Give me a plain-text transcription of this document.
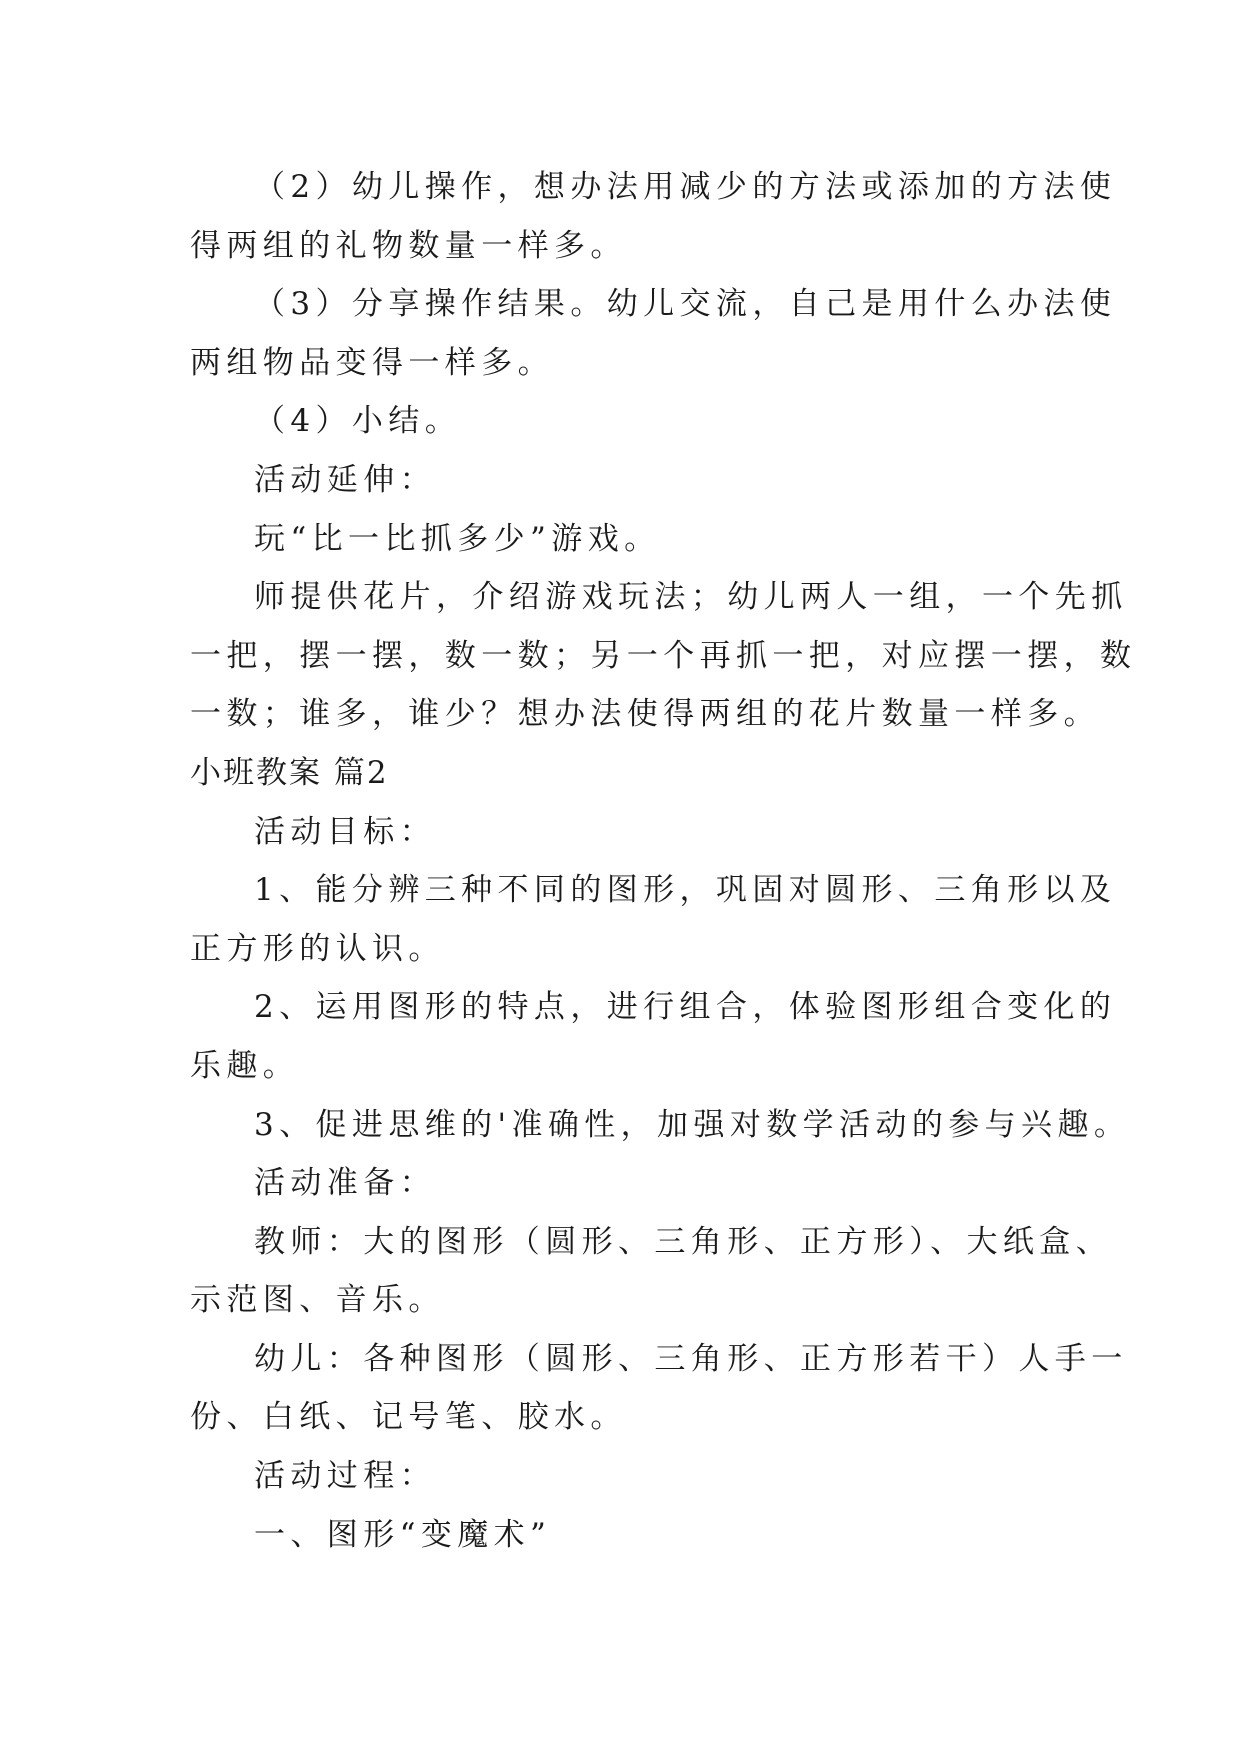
（2）幼儿操作，想办法用减少的方法或添加的方法使
得两组的礼物数量一样多。
（3）分享操作结果。幼儿交流，自己是用什么办法使
两组物品变得一样多。
（4）小结。
活动延伸：
玩“比一比抓多少”游戏。
师提供花片，介绍游戏玩法；幼儿两人一组，一个先抓
一把，摆一摆，数一数；另一个再抓一把，对应摆一摆，数
一数；谁多，谁少？想办法使得两组的花片数量一样多。
小班教案 篇2
活动目标：
1、能分辨三种不同的图形，巩固对圆形、三角形以及
正方形的认识。
2、运用图形的特点，进行组合，体验图形组合变化的
乐趣。
3、促进思维的'准确性，加强对数学活动的参与兴趣。
活动准备：
教师：大的图形（圆形、三角形、正方形）、大纸盒、
示范图、音乐。
幼儿：各种图形（圆形、三角形、正方形若干）人手一
份、白纸、记号笔、胶水。
活动过程：
一、图形“变魔术”
